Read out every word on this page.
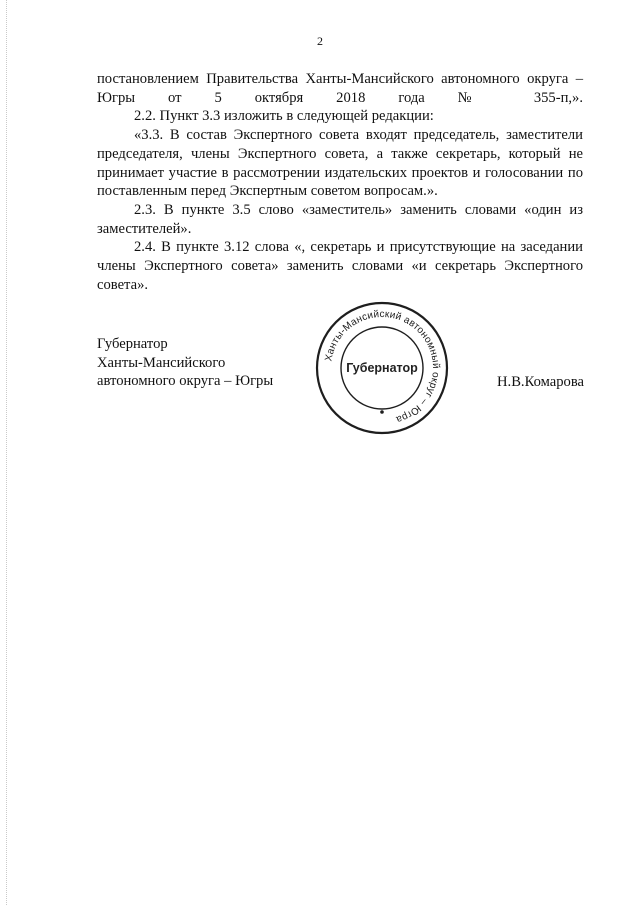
2

постановлением Правительства Ханты-Мансийского автономного округа – Югры от 5 октября 2018 года № 355-п,».

2.2. Пункт 3.3 изложить в следующей редакции:

«3.3. В состав Экспертного совета входят председатель, заместители председателя, члены Экспертного совета, а также секретарь, который не принимает участие в рассмотрении издательских проектов и голосовании по поставленным перед Экспертным советом вопросам.».

2.3. В пункте 3.5 слово «заместитель» заменить словами «один из заместителей».

2.4. В пункте 3.12 слова «, секретарь и присутствующие на заседании члены Экспертного совета» заменить словами «и секретарь Экспертного совета».

Губернатор
Ханты-Мансийского
автономного округа – Югры
Ханты-Мансийский автономный округ – Югра
Губернатор
Н.В.Комарова
